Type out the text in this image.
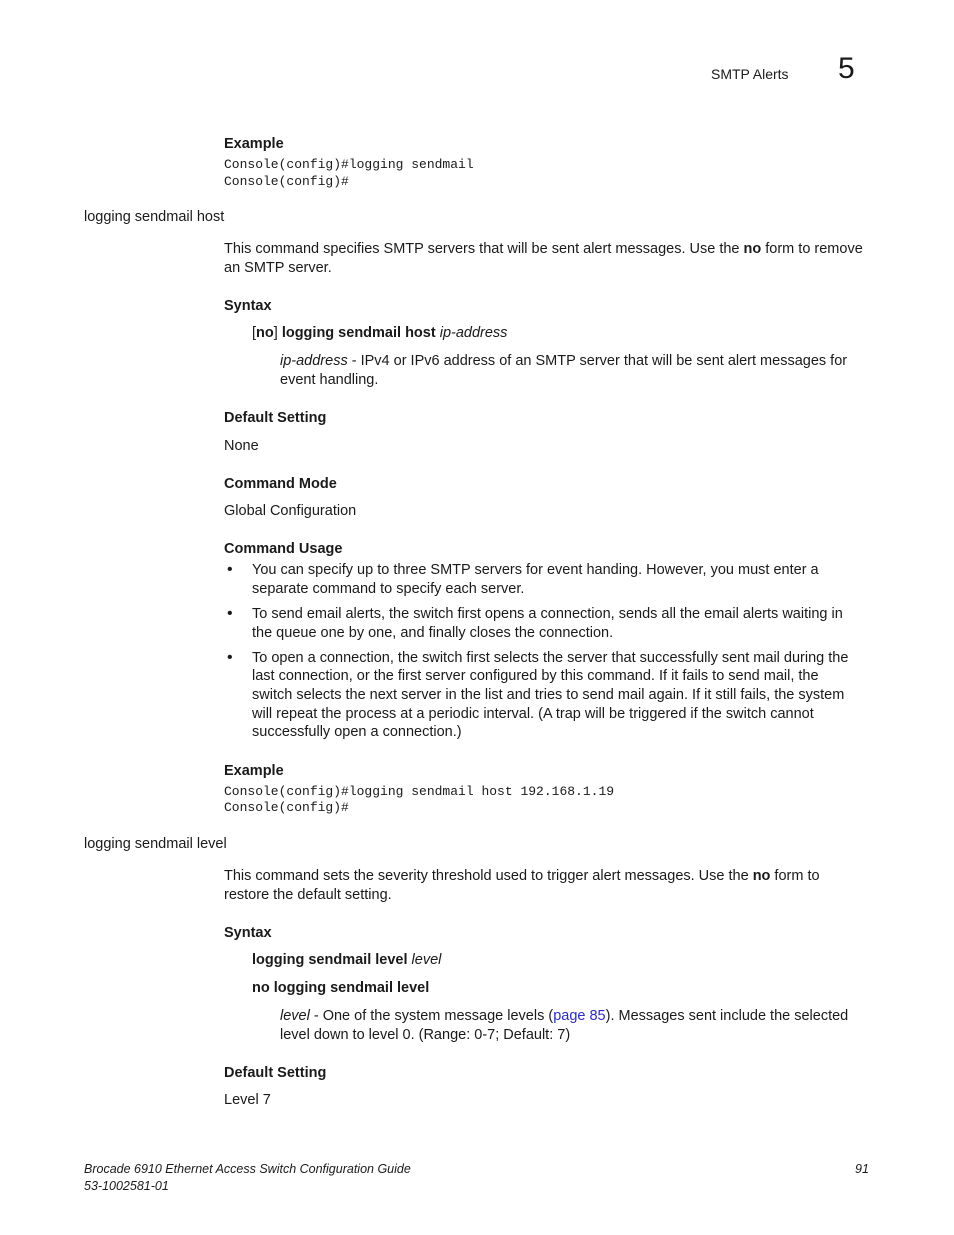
SMTP Alerts 5
Example
Console(config)#logging sendmail
Console(config)#
logging sendmail host
This command specifies SMTP servers that will be sent alert messages. Use the no form to remove
an SMTP server.
Syntax
[no] logging sendmail host ip-address
ip-address - IPv4 or IPv6 address of an SMTP server that will be sent alert messages for
event handling.
Default Setting
None
Command Mode
Global Configuration
Command Usage
• You can specify up to three SMTP servers for event handing. However, you must enter a
separate command to specify each server.
• To send email alerts, the switch first opens a connection, sends all the email alerts waiting in
the queue one by one, and finally closes the connection.
• To open a connection, the switch first selects the server that successfully sent mail during the
last connection, or the first server configured by this command. If it fails to send mail, the
switch selects the next server in the list and tries to send mail again. If it still fails, the system
will repeat the process at a periodic interval. (A trap will be triggered if the switch cannot
successfully open a connection.)
Example
Console(config)#logging sendmail host 192.168.1.19
Console(config)#
logging sendmail level
This command sets the severity threshold used to trigger alert messages. Use the no form to
restore the default setting.
Syntax
logging sendmail level level
no logging sendmail level
level - One of the system message levels (page 85). Messages sent include the selected
level down to level 0. (Range: 0-7; Default: 7)
Default Setting
Level 7
Brocade 6910 Ethernet Access Switch Configuration Guide
53-1002581-01
91
